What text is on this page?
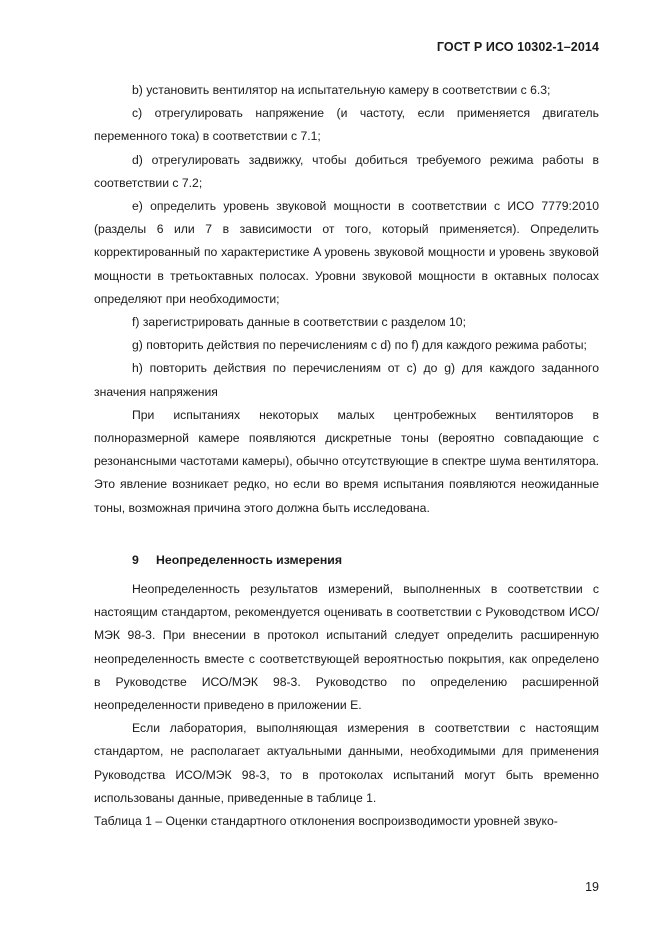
ГОСТ Р ИСО 10302-1–2014

b) установить вентилятор на испытательную камеру в соответствии с 6.3;

c) отрегулировать напряжение (и частоту, если применяется двигатель переменного тока) в соответствии с 7.1;

d) отрегулировать задвижку, чтобы добиться требуемого режима работы в соответствии с 7.2;

e) определить уровень звуковой мощности в соответствии с ИСО 7779:2010 (разделы 6 или 7 в зависимости от того, который применяется). Определить корректированный по характеристике A уровень звуковой мощности и уровень звуковой мощности в третьоктавных полосах. Уровни звуковой мощности в октавных полосах определяют при необходимости;

f) зарегистрировать данные в соответствии с разделом 10;

g) повторить действия по перечислениям с d) по f) для каждого режима работы;

h) повторить действия по перечислениям от с) до g) для каждого заданного значения напряжения

При испытаниях некоторых малых центробежных вентиляторов в полноразмерной камере появляются дискретные тоны (вероятно совпадающие с резонансными частотами камеры), обычно отсутствующие в спектре шума вентилятора. Это явление возникает редко, но если во время испытания появляются неожиданные тоны, возможная причина этого должна быть исследована.

9 Неопределенность измерения

Неопределенность результатов измерений, выполненных в соответствии с настоящим стандартом, рекомендуется оценивать в соответствии с Руководством ИСО/МЭК 98-3. При внесении в протокол испытаний следует определить расширенную неопределенность вместе с соответствующей вероятностью покрытия, как определено в Руководстве ИСО/МЭК 98-3. Руководство по определению расширенной неопределенности приведено в приложении Е.

Если лаборатория, выполняющая измерения в соответствии с настоящим стандартом, не располагает актуальными данными, необходимыми для применения Руководства ИСО/МЭК 98-3, то в протоколах испытаний могут быть временно использованы данные, приведенные в таблице 1.

Таблица 1 – Оценки стандартного отклонения воспроизводимости уровней звуко-

19
